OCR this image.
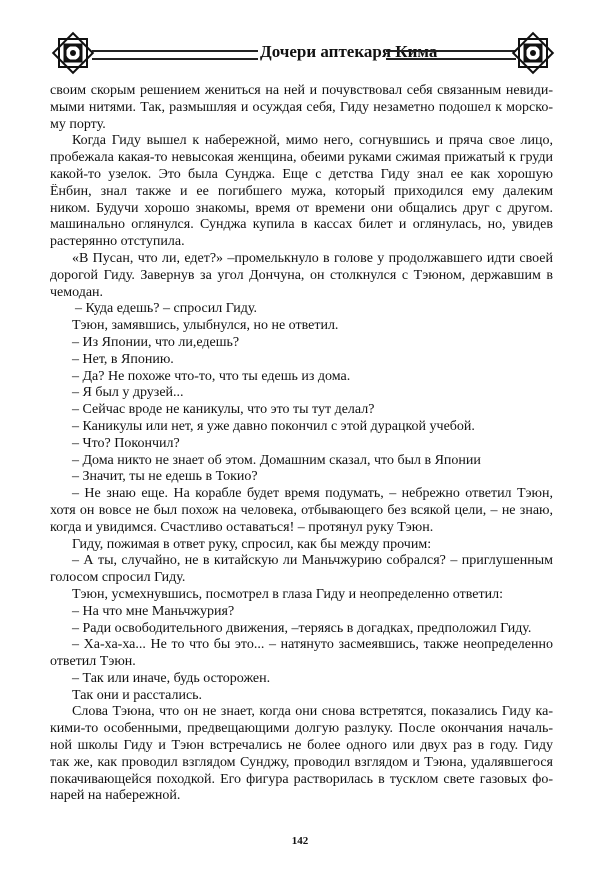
Дочери аптекаря Кима
своим скорым решением жениться на ней и почувствовал себя связанным невиди-
мыми нитями. Так, размышляя и осуждая себя, Гиду незаметно подошел к морско-
му порту.
Когда Гиду вышел к набережной, мимо него, согнувшись и пряча свое лицо,
пробежала какая-то невысокая женщина, обеими руками сжимая прижатый к груди
какой-то узелок. Это была Сунджа. Еще с детства Гиду знал ее как хорошую
Ёнбин, знал также и ее погибшего мужа, который приходился ему далеким
ником. Будучи хорошо знакомы, время от времени они общались друг с другом.
машинально оглянулся. Сунджа купила в кассах билет и оглянулась, но, увидев
растерянно отступила.
«В Пусан, что ли, едет?» –промелькнуло в голове у продолжавшего идти своей
дорогой Гиду. Завернув за угол Дончуна, он столкнулся с Тэюном, державшим в
чемодан.
– Куда едешь? – спросил Гиду.
Тэюн, замявшись, улыбнулся, но не ответил.
– Из Японии, что ли,едешь?
– Нет, в Японию.
– Да? Не похоже что-то, что ты едешь из дома.
– Я был у друзей...
– Сейчас вроде не каникулы, что это ты тут делал?
– Каникулы или нет, я уже давно покончил с этой дурацкой учебой.
– Что? Покончил?
– Дома никто не знает об этом. Домашним сказал, что был в Японии
– Значит, ты не едешь в Токио?
– Не знаю еще. На корабле будет время подумать, – небрежно ответил Тэюн,
хотя он вовсе не был похож на человека, отбывающего без всякой цели, – не знаю,
когда и увидимся. Счастливо оставаться! – протянул руку Тэюн.
Гиду, пожимая в ответ руку, спросил, как бы между прочим:
– А ты, случайно, не в китайскую ли Маньчжурию собрался? – приглушенным
голосом спросил Гиду.
Тэюн, усмехнувшись, посмотрел в глаза Гиду и неопределенно ответил:
– На что мне Маньчжурия?
– Ради освободительного движения, –теряясь в догадках, предположил Гиду.
– Ха-ха-ха... Не то что бы это... – натянуто засмеявшись, также неопределенно
ответил Тэюн.
– Так или иначе, будь осторожен.
Так они и расстались.
Слова Тэюна, что он не знает, когда они снова встретятся, показались Гиду ка-
кими-то особенными, предвещающими долгую разлуку. После окончания началь-
ной школы Гиду и Тэюн встречались не более одного или двух раз в году. Гиду
так же, как проводил взглядом Сунджу, проводил взглядом и Тэюна, удалявшегося
покачивающейся походкой. Его фигура растворилась в тусклом свете газовых фо-
нарей на набережной.
142
